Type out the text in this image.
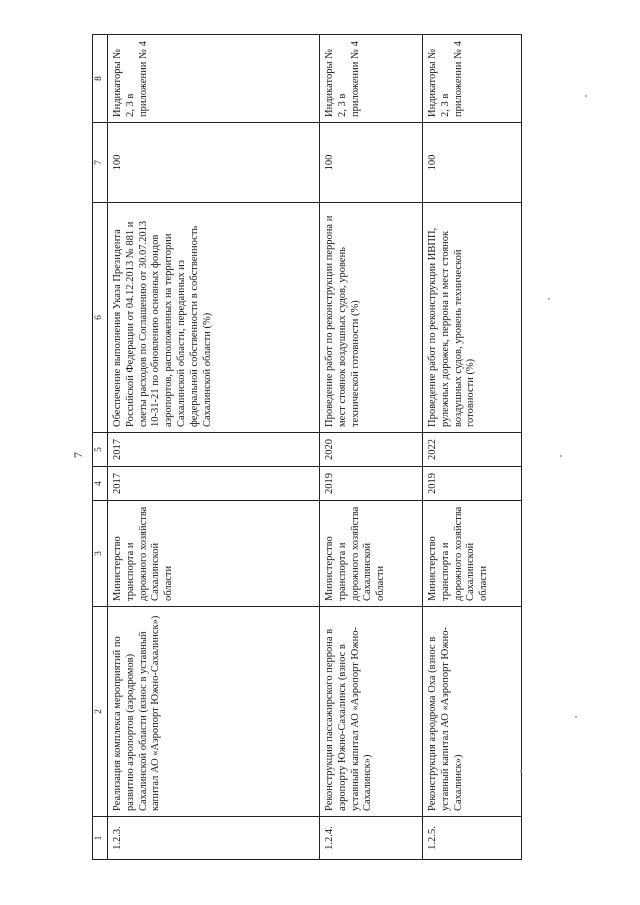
7
1	2	3	4	5	6	7	8
1.2.3.	Реализация комплекса мероприятий по развитию аэропортов (аэродромов) Сахалинской области (взнос в уставный капитал АО «Аэропорт Южно-Сахалинск»)	Министерство транспорта и дорожного хозяйства Сахалинской области	2017	2017	Обеспечение выполнения Указа Президента Российской Федерации от 04.12.2013 № 881 и сметы расходов по Соглашению от 30.07.2013 10-31-21 по обновлению основных фондов аэропортов, расположенных на территории Сахалинской области, переданных из федеральной собственности в собственность Сахалинской области (%)	100	Индикаторы № 2, 3 в приложении № 4
1.2.4.	Реконструкция пассажирского перрона в аэропорту Южно-Сахалинск (взнос в уставный капитал АО «Аэропорт Южно-Сахалинск»)	Министерство транспорта и дорожного хозяйства Сахалинской области	2019	2020	Проведение работ по реконструкции перрона и мест стоянок воздушных судов, уровень технической готовности (%)	100	Индикаторы № 2, 3 в приложении № 4
1.2.5.	Реконструкция аэродрома Оха (взнос в уставный капитал АО «Аэропорт Южно-Сахалинск»)	Министерство транспорта и дорожного хозяйства Сахалинской области	2019	2022	Проведение работ по реконструкции ИВПП, рулежных дорожек, перрона и мест стоянок воздушных судов, уровень технической готовности (%)	100	Индикаторы № 2, 3 в приложении № 4
